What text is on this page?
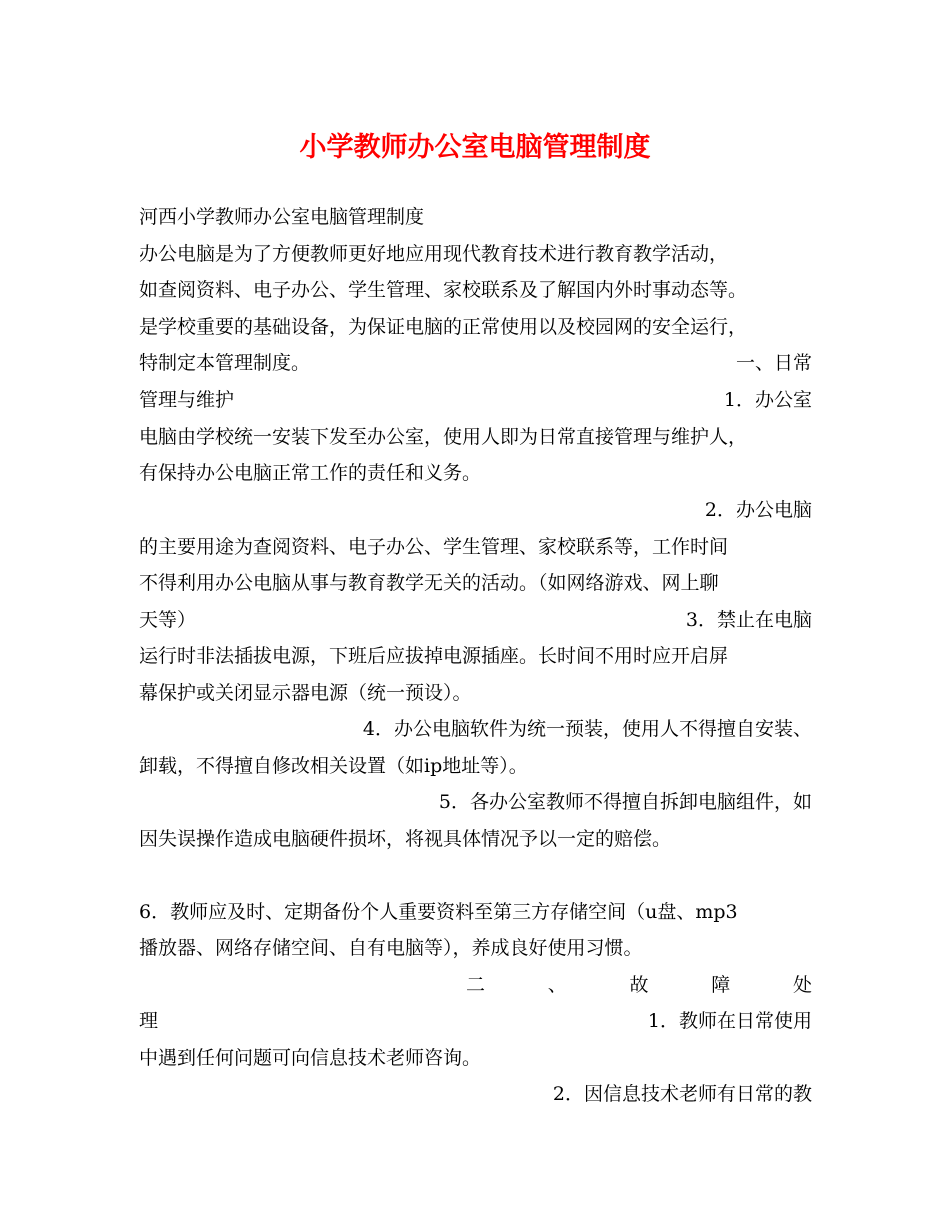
小学教师办公室电脑管理制度
河西小学教师办公室电脑管理制度
办公电脑是为了方便教师更好地应用现代教育技术进行教育教学活动，
如查阅资料、电子办公、学生管理、家校联系及了解国内外时事动态等。
是学校重要的基础设备，为保证电脑的正常使用以及校园网的安全运行，
特制定本管理制度。	一、日常
管理与维护	1．办公室
电脑由学校统一安装下发至办公室，使用人即为日常直接管理与维护人，
有保持办公电脑正常工作的责任和义务。
2．办公电脑
的主要用途为查阅资料、电子办公、学生管理、家校联系等，工作时间
不得利用办公电脑从事与教育教学无关的活动。（如网络游戏、网上聊
天等）	3．禁止在电脑
运行时非法插拔电源，下班后应拔掉电源插座。长时间不用时应开启屏
幕保护或关闭显示器电源（统一预设）。
4．办公电脑软件为统一预装，使用人不得擅自安装、
卸载，不得擅自修改相关设置（如ip地址等）。
5．各办公室教师不得擅自拆卸电脑组件，如
因失误操作造成电脑硬件损坏，将视具体情况予以一定的赔偿。
6．教师应及时、定期备份个人重要资料至第三方存储空间（u盘、mp3
播放器、网络存储空间、自有电脑等），养成良好使用习惯。
二	、	故	障	处
理	1．教师在日常使用
中遇到任何问题可向信息技术老师咨询。
2．因信息技术老师有日常的教
